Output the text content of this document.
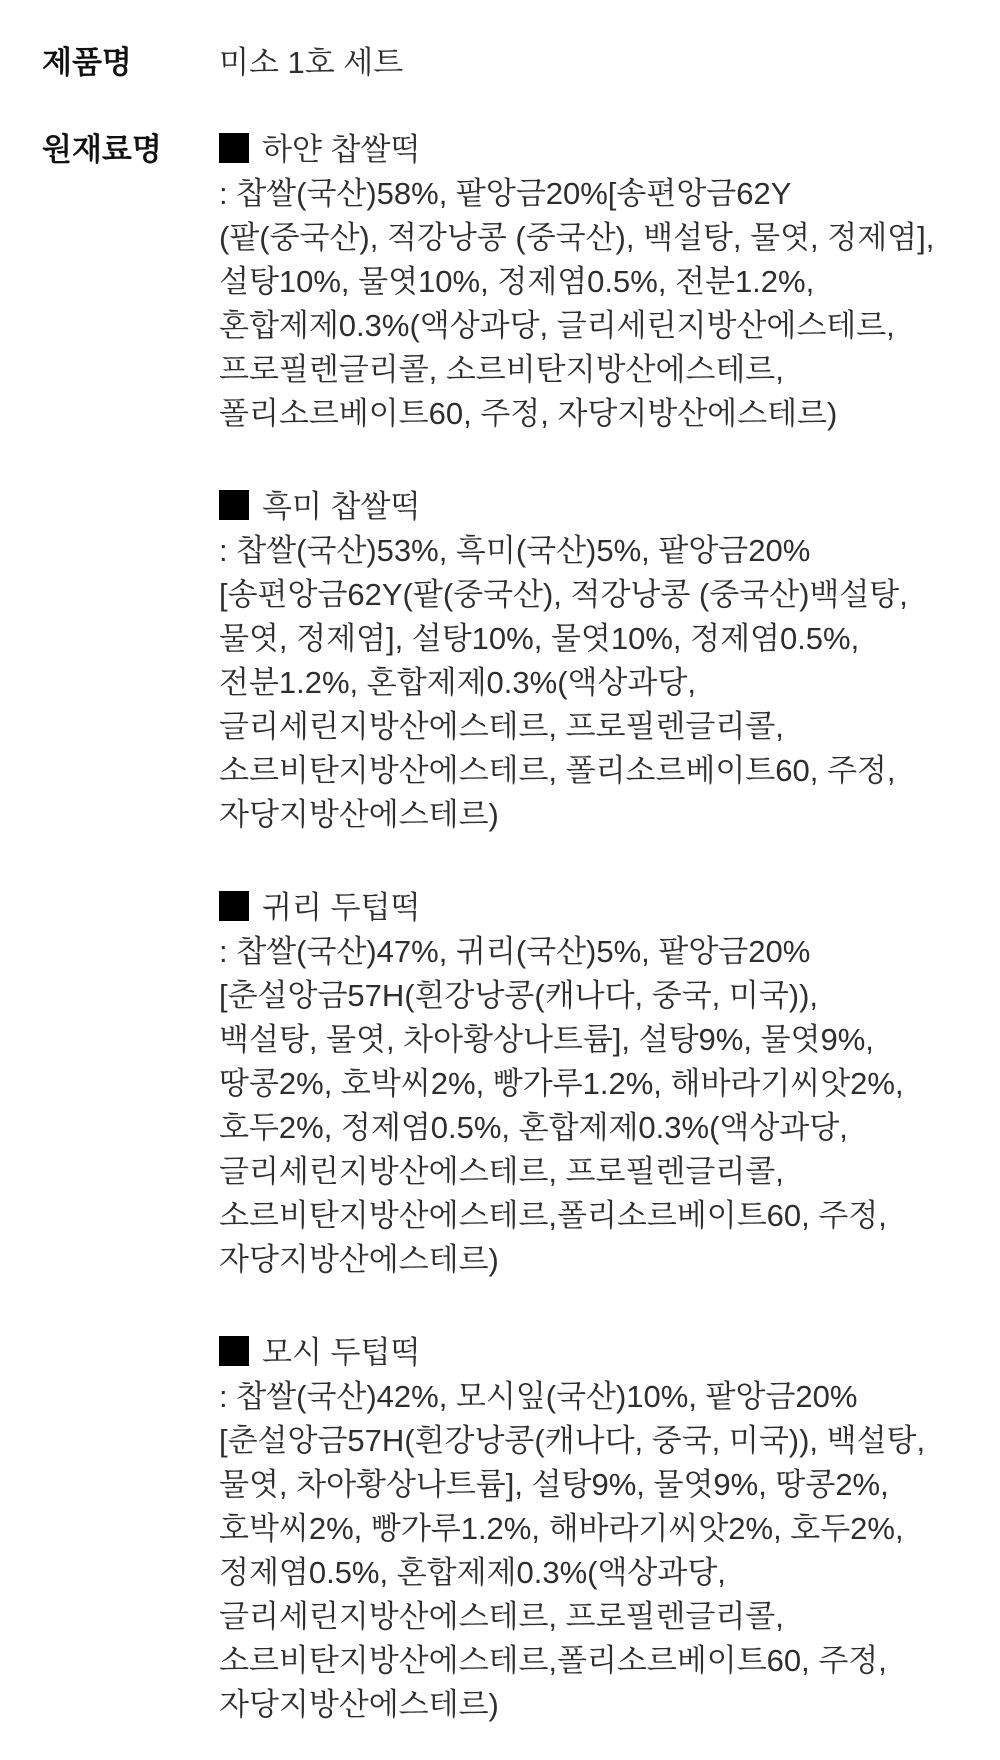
제품명	미소 1호 세트
원재료명	하얀 찹쌀떡
: 찹쌀(국산)58%, 팥앙금20%[송편앙금62Y
(팥(중국산), 적강낭콩 (중국산), 백설탕, 물엿, 정제염],
설탕10%, 물엿10%, 정제염0.5%, 전분1.2%,
혼합제제0.3%(액상과당, 글리세린지방산에스테르,
프로필렌글리콜, 소르비탄지방산에스테르,
폴리소르베이트60, 주정, 자당지방산에스테르)
흑미 찹쌀떡
: 찹쌀(국산)53%, 흑미(국산)5%, 팥앙금20%
[송편앙금62Y(팥(중국산), 적강낭콩 (중국산)백설탕,
물엿, 정제염], 설탕10%, 물엿10%, 정제염0.5%,
전분1.2%, 혼합제제0.3%(액상과당,
글리세린지방산에스테르, 프로필렌글리콜,
소르비탄지방산에스테르, 폴리소르베이트60, 주정,
자당지방산에스테르)
귀리 두텁떡
: 찹쌀(국산)47%, 귀리(국산)5%, 팥앙금20%
[춘설앙금57H(흰강낭콩(캐나다, 중국, 미국)),
백설탕, 물엿, 차아황상나트륨], 설탕9%, 물엿9%,
땅콩2%, 호박씨2%, 빵가루1.2%, 해바라기씨앗2%,
호두2%, 정제염0.5%, 혼합제제0.3%(액상과당,
글리세린지방산에스테르, 프로필렌글리콜,
소르비탄지방산에스테르,폴리소르베이트60, 주정,
자당지방산에스테르)
모시 두텁떡
: 찹쌀(국산)42%, 모시잎(국산)10%, 팥앙금20%
[춘설앙금57H(흰강낭콩(캐나다, 중국, 미국)), 백설탕,
물엿, 차아황상나트륨], 설탕9%, 물엿9%, 땅콩2%,
호박씨2%, 빵가루1.2%, 해바라기씨앗2%, 호두2%,
정제염0.5%, 혼합제제0.3%(액상과당,
글리세린지방산에스테르, 프로필렌글리콜,
소르비탄지방산에스테르,폴리소르베이트60, 주정,
자당지방산에스테르)
